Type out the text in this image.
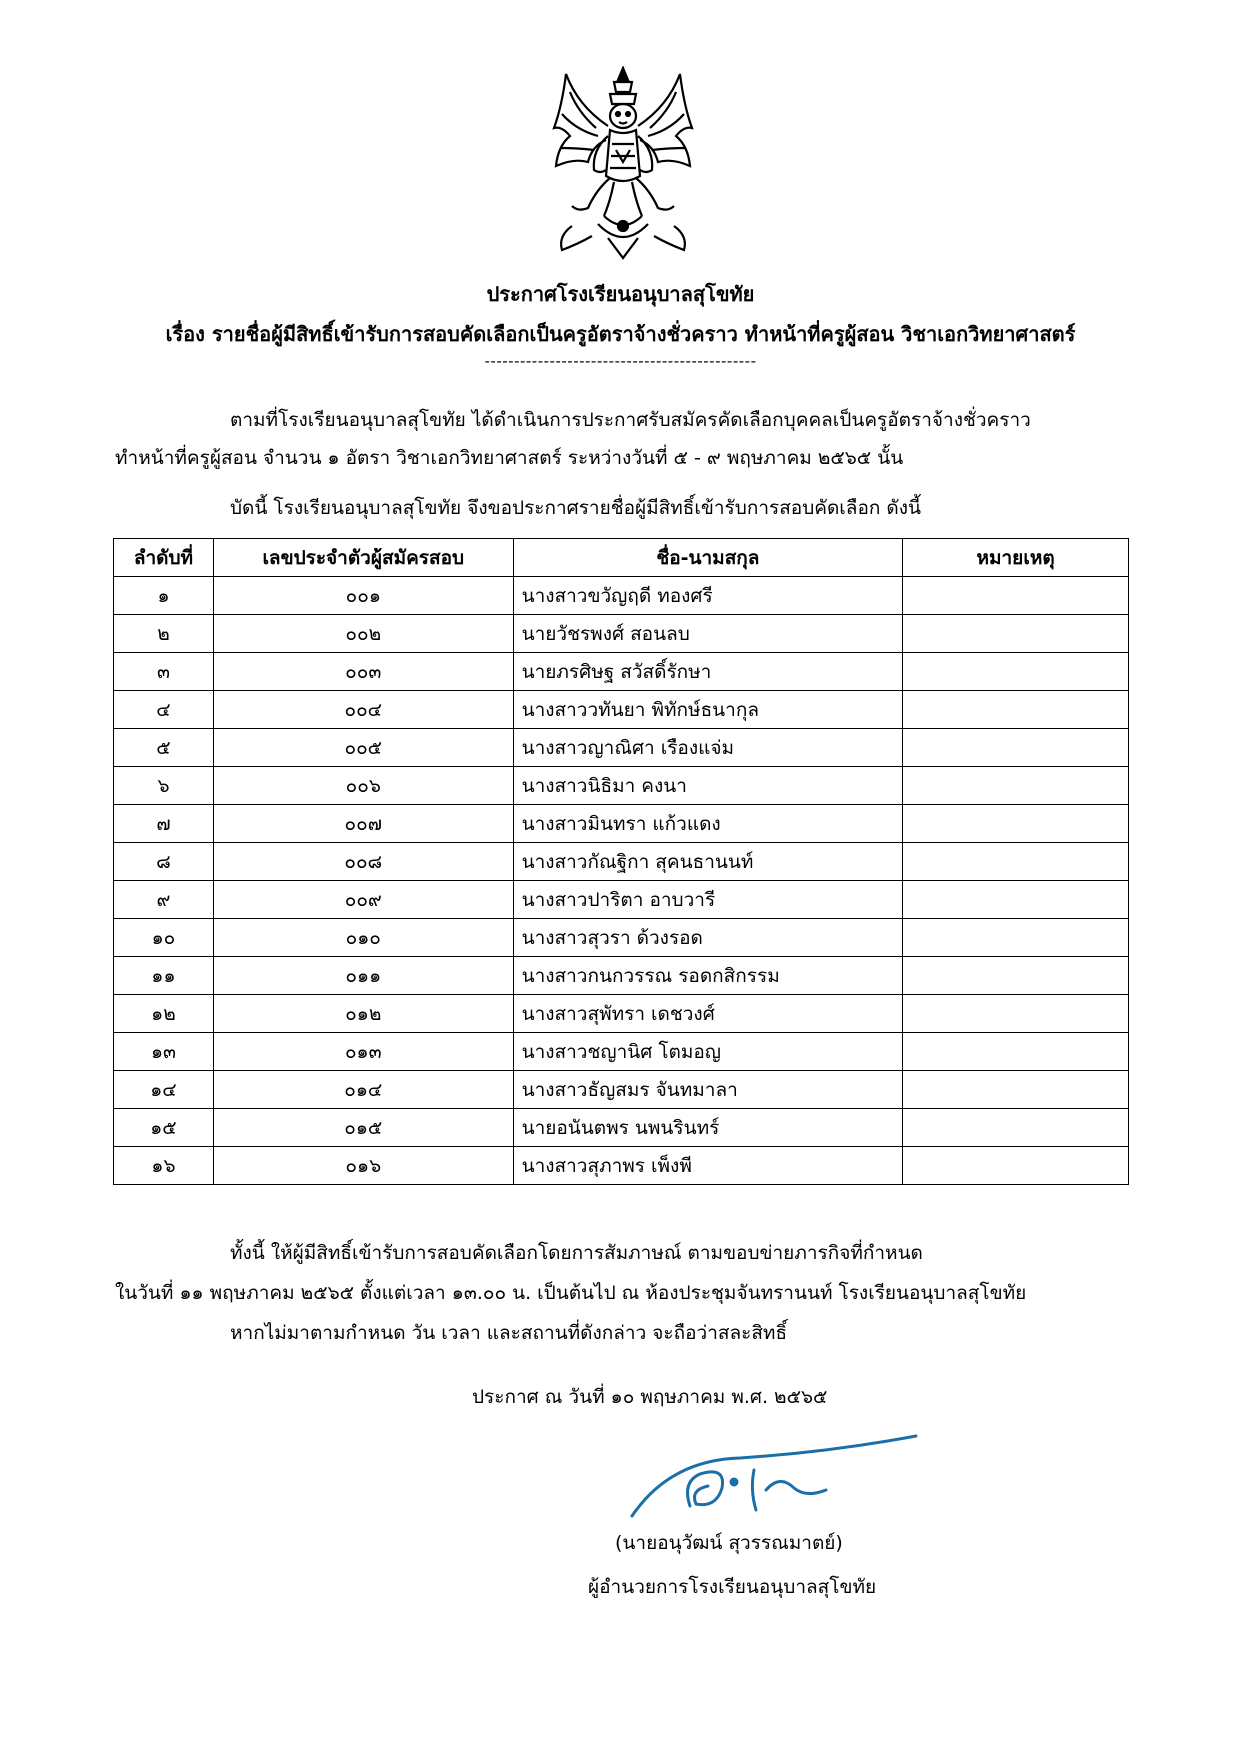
ประกาศโรงเรียนอนุบาลสุโขทัย
เรื่อง รายชื่อผู้มีสิทธิ์เข้ารับการสอบคัดเลือกเป็นครูอัตราจ้างชั่วคราว ทำหน้าที่ครูผู้สอน วิชาเอกวิทยาศาสตร์
----------------------------------------------
ตามที่โรงเรียนอนุบาลสุโขทัย ได้ดำเนินการประกาศรับสมัครคัดเลือกบุคคลเป็นครูอัตราจ้างชั่วคราว
ทำหน้าที่ครูผู้สอน จำนวน ๑ อัตรา วิชาเอกวิทยาศาสตร์ ระหว่างวันที่ ๕ - ๙ พฤษภาคม ๒๕๖๕ นั้น
บัดนี้ โรงเรียนอนุบาลสุโขทัย จึงขอประกาศรายชื่อผู้มีสิทธิ์เข้ารับการสอบคัดเลือก ดังนี้
ลำดับที่	เลขประจำตัวผู้สมัครสอบ	ชื่อ-นามสกุล	หมายเหตุ
๑	๐๐๑	นางสาวขวัญฤดี ทองศรี	
๒	๐๐๒	นายวัชรพงศ์ สอนลบ	
๓	๐๐๓	นายภรศิษฐ สวัสดิ์รักษา	
๔	๐๐๔	นางสาววทันยา พิทักษ์ธนากุล	
๕	๐๐๕	นางสาวญาณิศา เรืองแจ่ม	
๖	๐๐๖	นางสาวนิธิมา คงนา	
๗	๐๐๗	นางสาวมินทรา แก้วแดง	
๘	๐๐๘	นางสาวกัณฐิกา สุคนธานนท์	
๙	๐๐๙	นางสาวปาริตา อาบวารี	
๑๐	๐๑๐	นางสาวสุวรา ด้วงรอด	
๑๑	๐๑๑	นางสาวกนกวรรณ รอดกสิกรรม	
๑๒	๐๑๒	นางสาวสุพัทรา เดชวงศ์	
๑๓	๐๑๓	นางสาวชญานิศ โตมอญ	
๑๔	๐๑๔	นางสาวธัญสมร จันทมาลา	
๑๕	๐๑๕	นายอนันตพร นพนรินทร์	
๑๖	๐๑๖	นางสาวสุภาพร เพ็งพี	
ทั้งนี้ ให้ผู้มีสิทธิ์เข้ารับการสอบคัดเลือกโดยการสัมภาษณ์ ตามขอบข่ายภารกิจที่กำหนด
ในวันที่ ๑๑ พฤษภาคม ๒๕๖๕ ตั้งแต่เวลา ๑๓.๐๐ น. เป็นต้นไป ณ ห้องประชุมจันทรานนท์ โรงเรียนอนุบาลสุโขทัย
หากไม่มาตามกำหนด วัน เวลา และสถานที่ดังกล่าว จะถือว่าสละสิทธิ์
ประกาศ ณ วันที่ ๑๐ พฤษภาคม พ.ศ. ๒๕๖๕
(นายอนุวัฒน์ สุวรรณมาตย์)
ผู้อำนวยการโรงเรียนอนุบาลสุโขทัย
